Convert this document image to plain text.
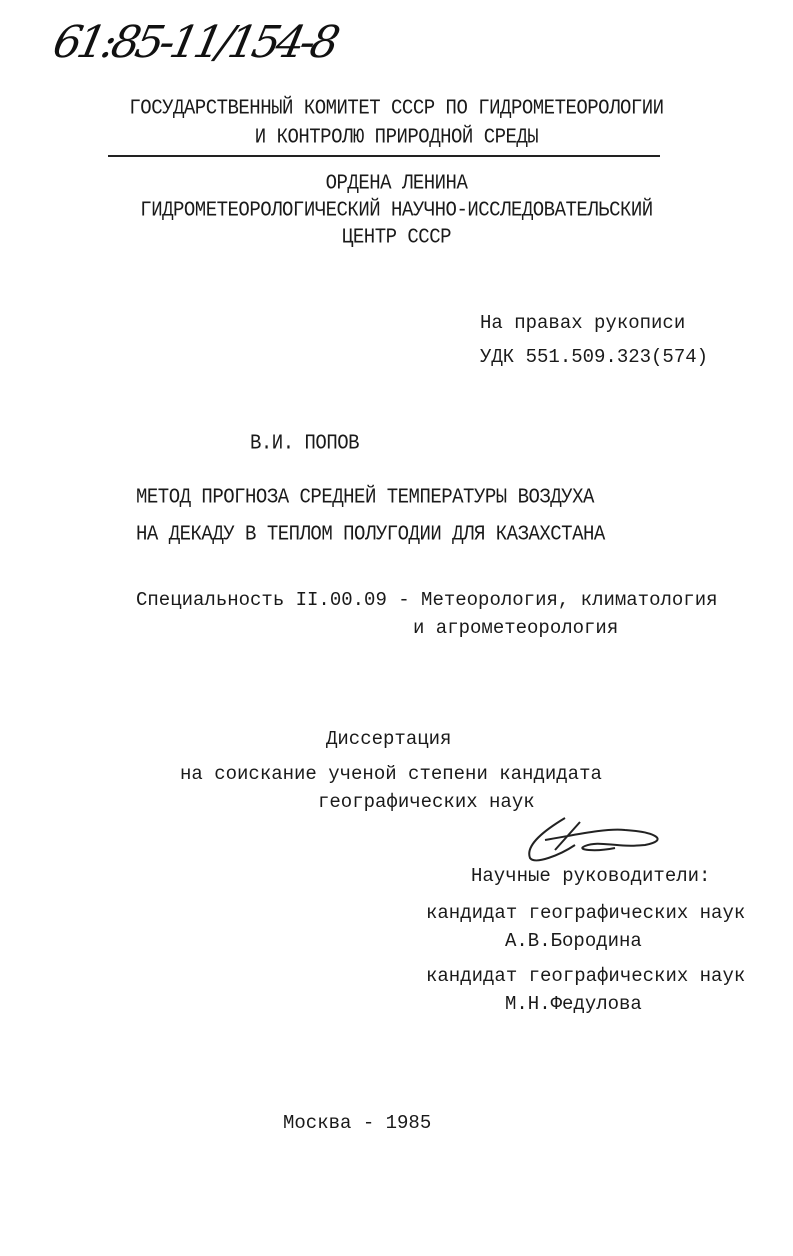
61:85-11/154-8
ГОСУДАРСТВЕННЫЙ КОМИТЕТ СССР ПО ГИДРОМЕТЕОРОЛОГИИ
И КОНТРОЛЮ ПРИРОДНОЙ СРЕДЫ
ОРДЕНА ЛЕНИНА
ГИДРОМЕТЕОРОЛОГИЧЕСКИЙ НАУЧНО-ИССЛЕДОВАТЕЛЬСКИЙ
ЦЕНТР СССР
На правах рукописи
УДК 551.509.323(574)
В.И. ПОПОВ
МЕТОД ПРОГНОЗА СРЕДНЕЙ ТЕМПЕРАТУРЫ ВОЗДУХА
НА ДЕКАДУ В ТЕПЛОМ ПОЛУГОДИИ ДЛЯ КАЗАХСТАНА
Специальность II.00.09 - Метеорология, климатология
и агрометеорология
Диссертация
на соискание ученой степени кандидата
географических наук
Научные руководители:
кандидат географических наук
А.В.Бородина
кандидат географических наук
М.Н.Федулова
Москва - 1985
